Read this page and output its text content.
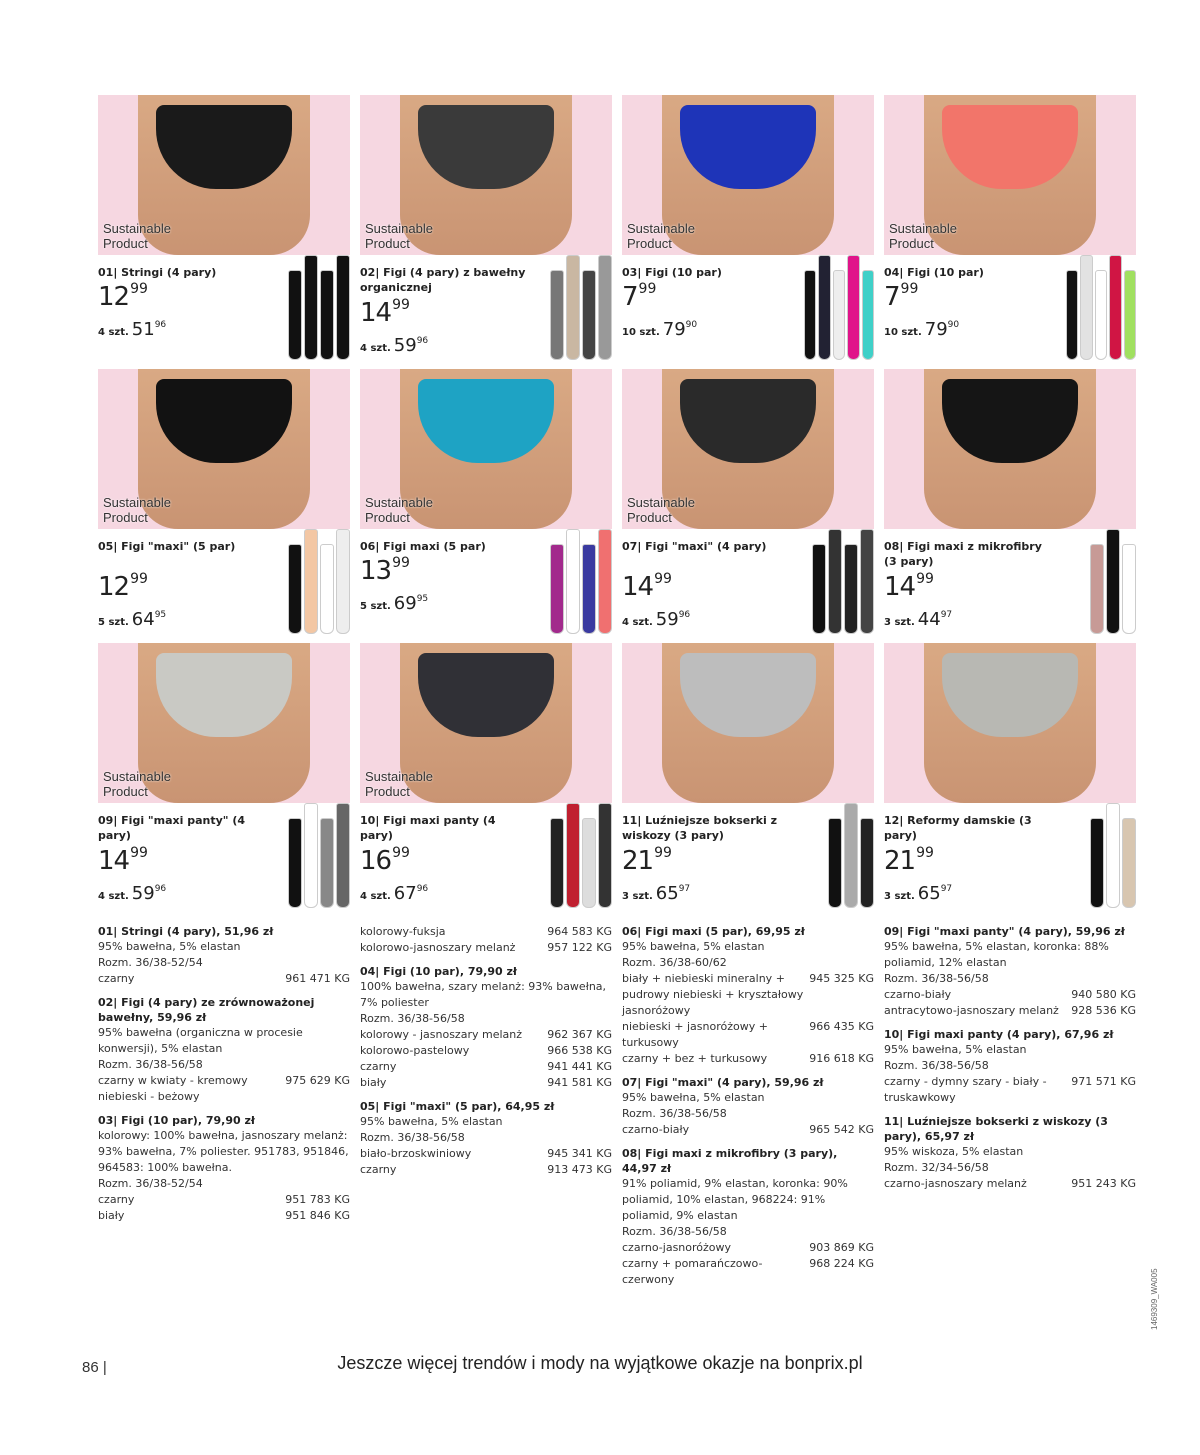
Sustainable Product
01| Stringi (4 pary)
$12^{99}$
4 szt. $51^{96}$
Sustainable Product
02| Figi (4 pary) z bawełny organicznej
$14^{99}$
4 szt. $59^{96}$
Sustainable Product
03| Figi (10 par)
$7^{99}$
10 szt. $79^{90}$
Sustainable Product
04| Figi (10 par)
$7^{99}$
10 szt. $79^{90}$
Sustainable Product
05| Figi "maxi" (5 par)
$12^{99}$
5 szt. $64^{95}$
Sustainable Product
06| Figi maxi (5 par)
$13^{99}$
5 szt. $69^{95}$
Sustainable Product
07| Figi "maxi" (4 pary)
$14^{99}$
4 szt. $59^{96}$
08| Figi maxi z mikrofibry (3 pary)
$14^{99}$
3 szt. $44^{97}$
Sustainable Product
09| Figi "maxi panty" (4 pary)
$14^{99}$
4 szt. $59^{96}$
Sustainable Product
10| Figi maxi panty (4 pary)
$16^{99}$
4 szt. $67^{96}$
11| Luźniejsze bokserki z wiskozy (3 pary)
$21^{99}$
3 szt. $65^{97}$
12| Reformy damskie (3 pary)
$21^{99}$
3 szt. $65^{97}$
01| Stringi (4 pary), 51,96 zł
95% bawełna, 5% elastan
Rozm. 36/38-52/54
czarny	961 471 KG
02| Figi (4 pary) ze zrównoważonej bawełny, 59,96 zł
95% bawełna (organiczna w procesie konwersji), 5% elastan
Rozm. 36/38-56/58
czarny w kwiaty - kremowy niebieski - beżowy
975 629 KG
03| Figi (10 par), 79,90 zł
kolorowy: 100% bawełna, jasnoszary melanż: 93% bawełna, 7% poliester. 951783, 951846, 964583: 100% bawełna.
Rozm. 36/38-52/54
czarny	951 783 KG
biały	951 846 KG
kolorowy-fuksja	964 583 KG
kolorowo-jasnoszary melanż	957 122 KG
04| Figi (10 par), 79,90 zł
100% bawełna, szary melanż: 93% bawełna, 7% poliester
Rozm. 36/38-56/58
kolorowy - jasnoszary melanż 962 367 KG
kolorowo-pastelowy	966 538 KG
czarny	941 441 KG
biały	941 581 KG
05| Figi "maxi" (5 par), 64,95 zł
95% bawełna, 5% elastan
Rozm. 36/38-56/58
biało-brzoskwiniowy	945 341 KG
czarny	913 473 KG
06| Figi maxi (5 par), 69,95 zł
95% bawełna, 5% elastan
Rozm. 36/38-60/62
biały + niebieski mineralny + pudrowy niebieski + kryształowy jasnoróżowy
945 325 KG
niebieski + jasnoróżowy + turkusowy
966 435 KG
czarny + bez + turkusowy	916 618 KG
07| Figi "maxi" (4 pary), 59,96 zł
95% bawełna, 5% elastan
Rozm. 36/38-56/58
czarno-biały	965 542 KG
08| Figi maxi z mikrofibry (3 pary), 44,97 zł
91% poliamid, 9% elastan, koronka: 90% poliamid, 10% elastan, 968224: 91% poliamid, 9% elastan
Rozm. 36/38-56/58
czarno-jasnoróżowy	903 869 KG
czarny + pomarańczowo-czerwony
968 224 KG
09| Figi "maxi panty" (4 pary), 59,96 zł
95% bawełna, 5% elastan, koronka: 88% poliamid, 12% elastan
Rozm. 36/38-56/58
czarno-biały	940 580 KG
antracytowo-jasnoszary melanż 928 536 KG
10| Figi maxi panty (4 pary), 67,96 zł
95% bawełna, 5% elastan
Rozm. 36/38-56/58
czarny - dymny szary - biały - truskawkowy
971 571 KG
11| Luźniejsze bokserki z wiskozy (3 pary), 65,97 zł
95% wiskoza, 5% elastan
Rozm. 32/34-56/58
czarno-jasnoszary melanż	951 243 KG
86 |	Jeszcze więcej trendów i mody na wyjątkowe okazje na bonprix.pl
1469309_WA005
